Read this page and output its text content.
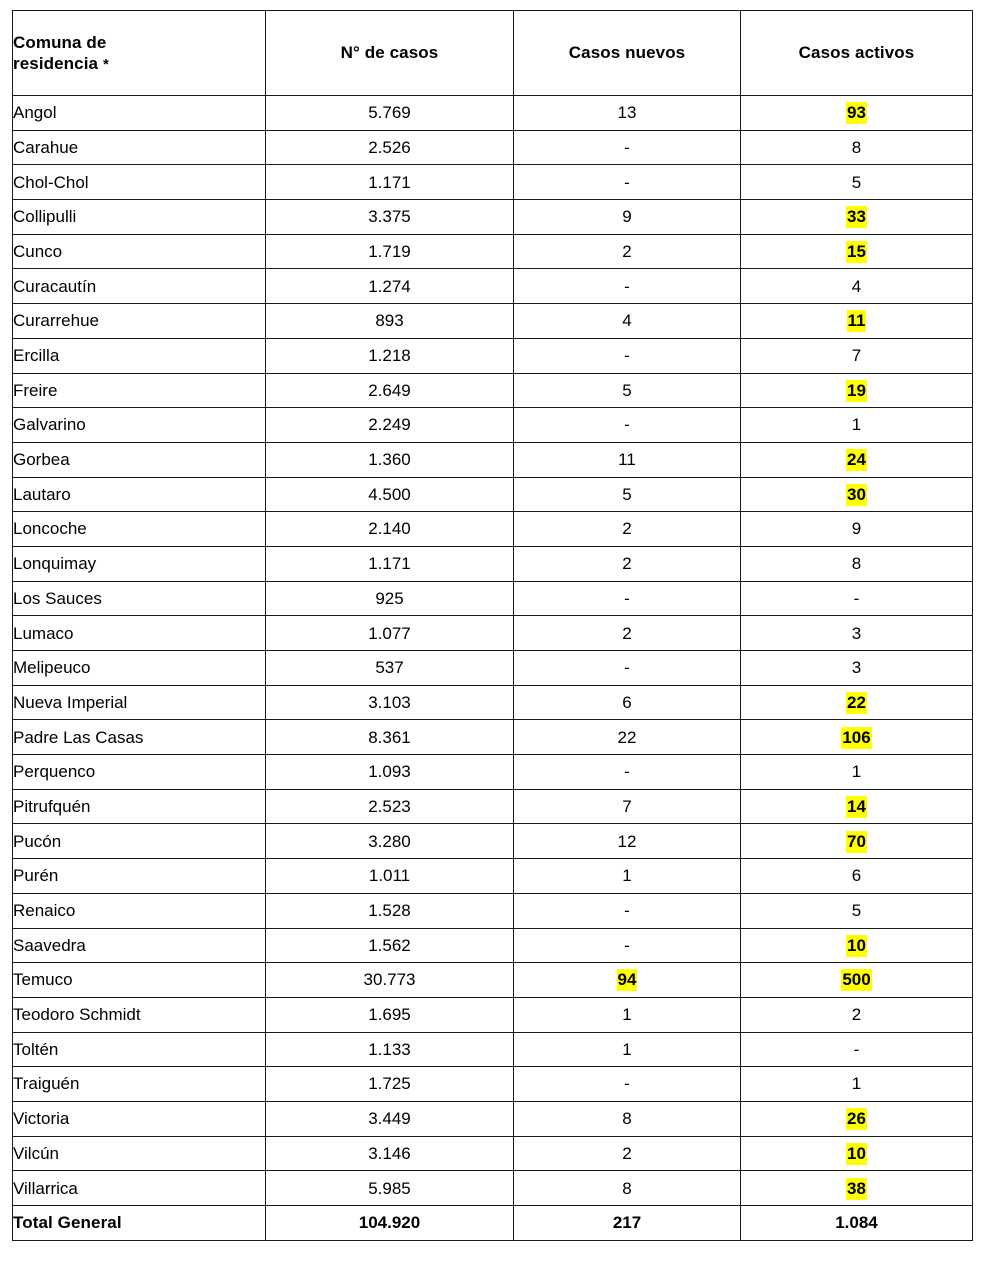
Comuna de
residencia *	N° de casos	Casos nuevos	Casos activos
Angol	5.769	13	93
Carahue	2.526	-	8
Chol-Chol	1.171	-	5
Collipulli	3.375	9	33
Cunco	1.719	2	15
Curacautín	1.274	-	4
Curarrehue	893	4	11
Ercilla	1.218	-	7
Freire	2.649	5	19
Galvarino	2.249	-	1
Gorbea	1.360	11	24
Lautaro	4.500	5	30
Loncoche	2.140	2	9
Lonquimay	1.171	2	8
Los Sauces	925	-	-
Lumaco	1.077	2	3
Melipeuco	537	-	3
Nueva Imperial	3.103	6	22
Padre Las Casas	8.361	22	106
Perquenco	1.093	-	1
Pitrufquén	2.523	7	14
Pucón	3.280	12	70
Purén	1.011	1	6
Renaico	1.528	-	5
Saavedra	1.562	-	10
Temuco	30.773	94	500
Teodoro Schmidt	1.695	1	2
Toltén	1.133	1	-
Traiguén	1.725	-	1
Victoria	3.449	8	26
Vilcún	3.146	2	10
Villarrica	5.985	8	38
Total General	104.920	217	1.084
